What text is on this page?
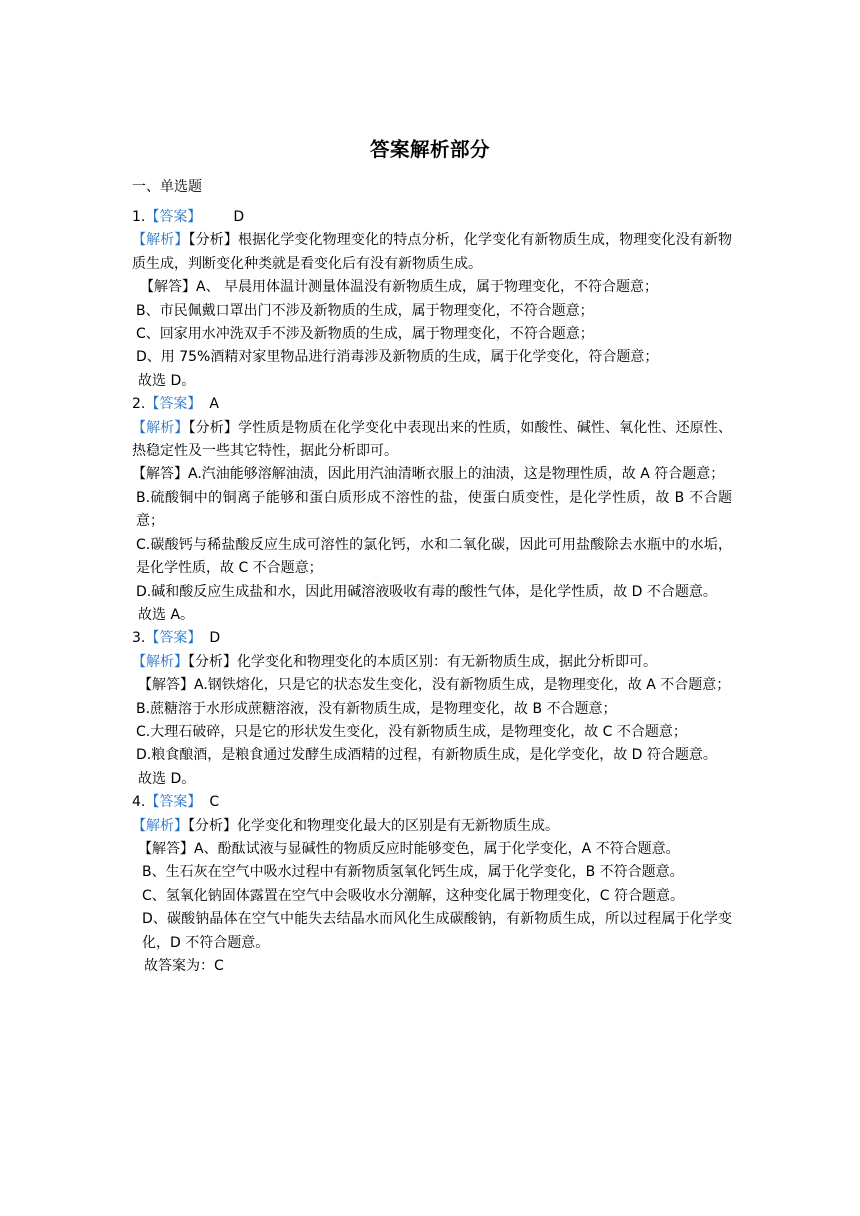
答案解析部分
一、单选题

1.【答案】 D

【解析】【分析】根据化学变化物理变化的特点分析，化学变化有新物质生成，物理变化没有新物质生成，判断变化种类就是看变化后有没有新物质生成。

【解答】A、 早晨用体温计测量体温没有新物质生成，属于物理变化，不符合题意；

B、市民佩戴口罩出门不涉及新物质的生成，属于物理变化，不符合题意；

C、回家用水冲洗双手不涉及新物质的生成，属于物理变化，不符合题意；

D、用 75%酒精对家里物品进行消毒涉及新物质的生成，属于化学变化，符合题意；

故选 D。

2.【答案】 A

【解析】【分析】学性质是物质在化学变化中表现出来的性质，如酸性、碱性、氧化性、还原性、热稳定性及一些其它特性，据此分析即可。

【解答】A.汽油能够溶解油渍，因此用汽油清晰衣服上的油渍，这是物理性质，故 A 符合题意；

B.硫酸铜中的铜离子能够和蛋白质形成不溶性的盐，使蛋白质变性，是化学性质，故 B 不合题意；

C.碳酸钙与稀盐酸反应生成可溶性的氯化钙，水和二氧化碳，因此可用盐酸除去水瓶中的水垢，是化学性质，故 C 不合题意；

D.碱和酸反应生成盐和水，因此用碱溶液吸收有毒的酸性气体，是化学性质，故 D 不合题意。

故选 A。

3.【答案】 D

【解析】【分析】化学变化和物理变化的本质区别：有无新物质生成，据此分析即可。

【解答】A.钢铁熔化，只是它的状态发生变化，没有新物质生成，是物理变化，故 A 不合题意；

B.蔗糖溶于水形成蔗糖溶液，没有新物质生成，是物理变化，故 B 不合题意；

C.大理石破碎，只是它的形状发生变化，没有新物质生成，是物理变化，故 C 不合题意；

D.粮食酿酒，是粮食通过发酵生成酒精的过程，有新物质生成，是化学变化，故 D 符合题意。

故选 D。

4.【答案】 C

【解析】【分析】化学变化和物理变化最大的区别是有无新物质生成。

【解答】A、酚酞试液与显碱性的物质反应时能够变色，属于化学变化，A 不符合题意。

B、生石灰在空气中吸水过程中有新物质氢氧化钙生成，属于化学变化，B 不符合题意。

C、氢氧化钠固体露置在空气中会吸收水分潮解，这种变化属于物理变化，C 符合题意。

D、碳酸钠晶体在空气中能失去结晶水而风化生成碳酸钠，有新物质生成，所以过程属于化学变化，D 不符合题意。

故答案为：C
